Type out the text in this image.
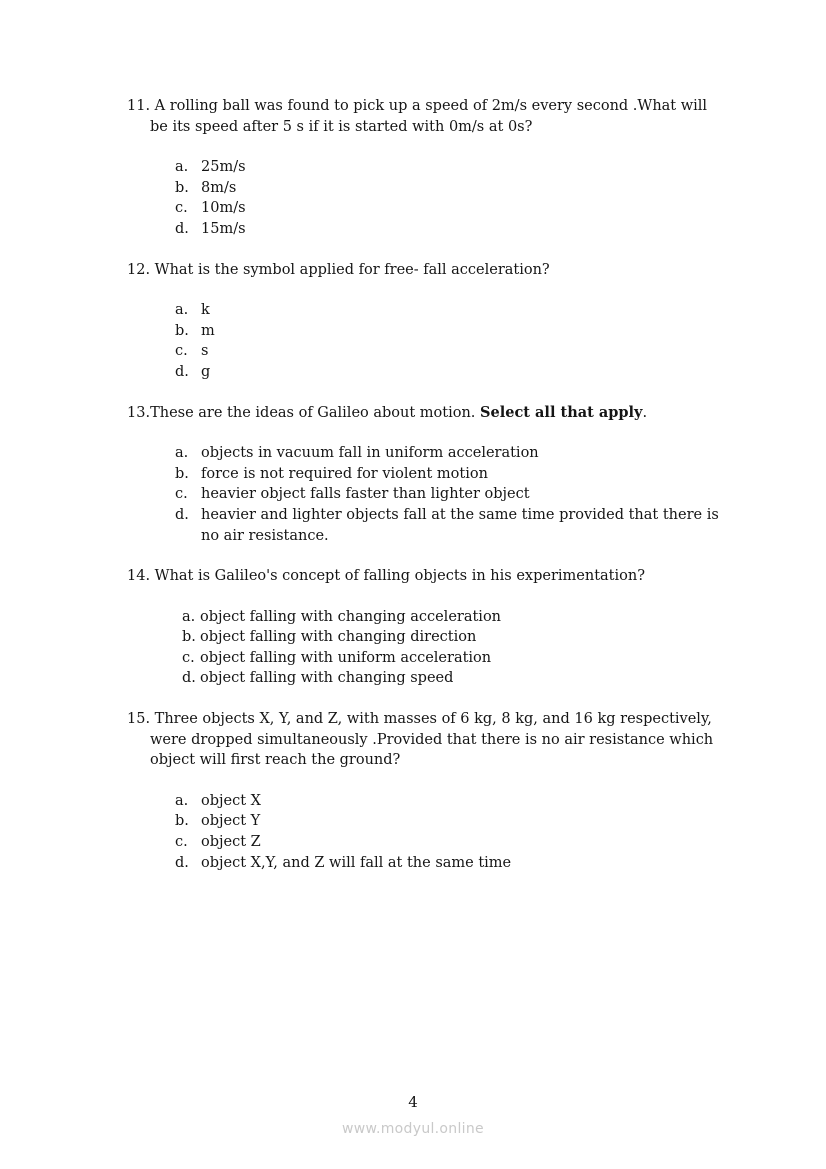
11. A rolling ball was found to pick up a speed of 2m/s every second .What will be its speed after 5 s if it is started with 0m/s at 0s?

a. 25m/s
b. 8m/s
c. 10m/s
d. 15m/s

12. What is the symbol applied for free- fall acceleration?

a. k
b. m
c. s
d. g

13.These are the ideas of Galileo about motion. Select all that apply.

a. objects in vacuum fall in uniform acceleration
b. force is not required for violent motion
c. heavier object falls faster than lighter object
d. heavier and lighter objects fall at the same time provided that there is no air resistance.

14. What is Galileo's concept of falling objects in his experimentation?

a. object falling with changing acceleration
b. object falling with changing direction
c. object falling with uniform acceleration
d. object falling with changing speed

15. Three objects X, Y, and Z, with masses of 6 kg, 8 kg, and 16 kg respectively, were dropped simultaneously .Provided that there is no air resistance which object will first reach the ground?

a. object X
b. object Y
c. object Z
d. object X,Y, and Z will fall at the same time
4
www.modyul.online
